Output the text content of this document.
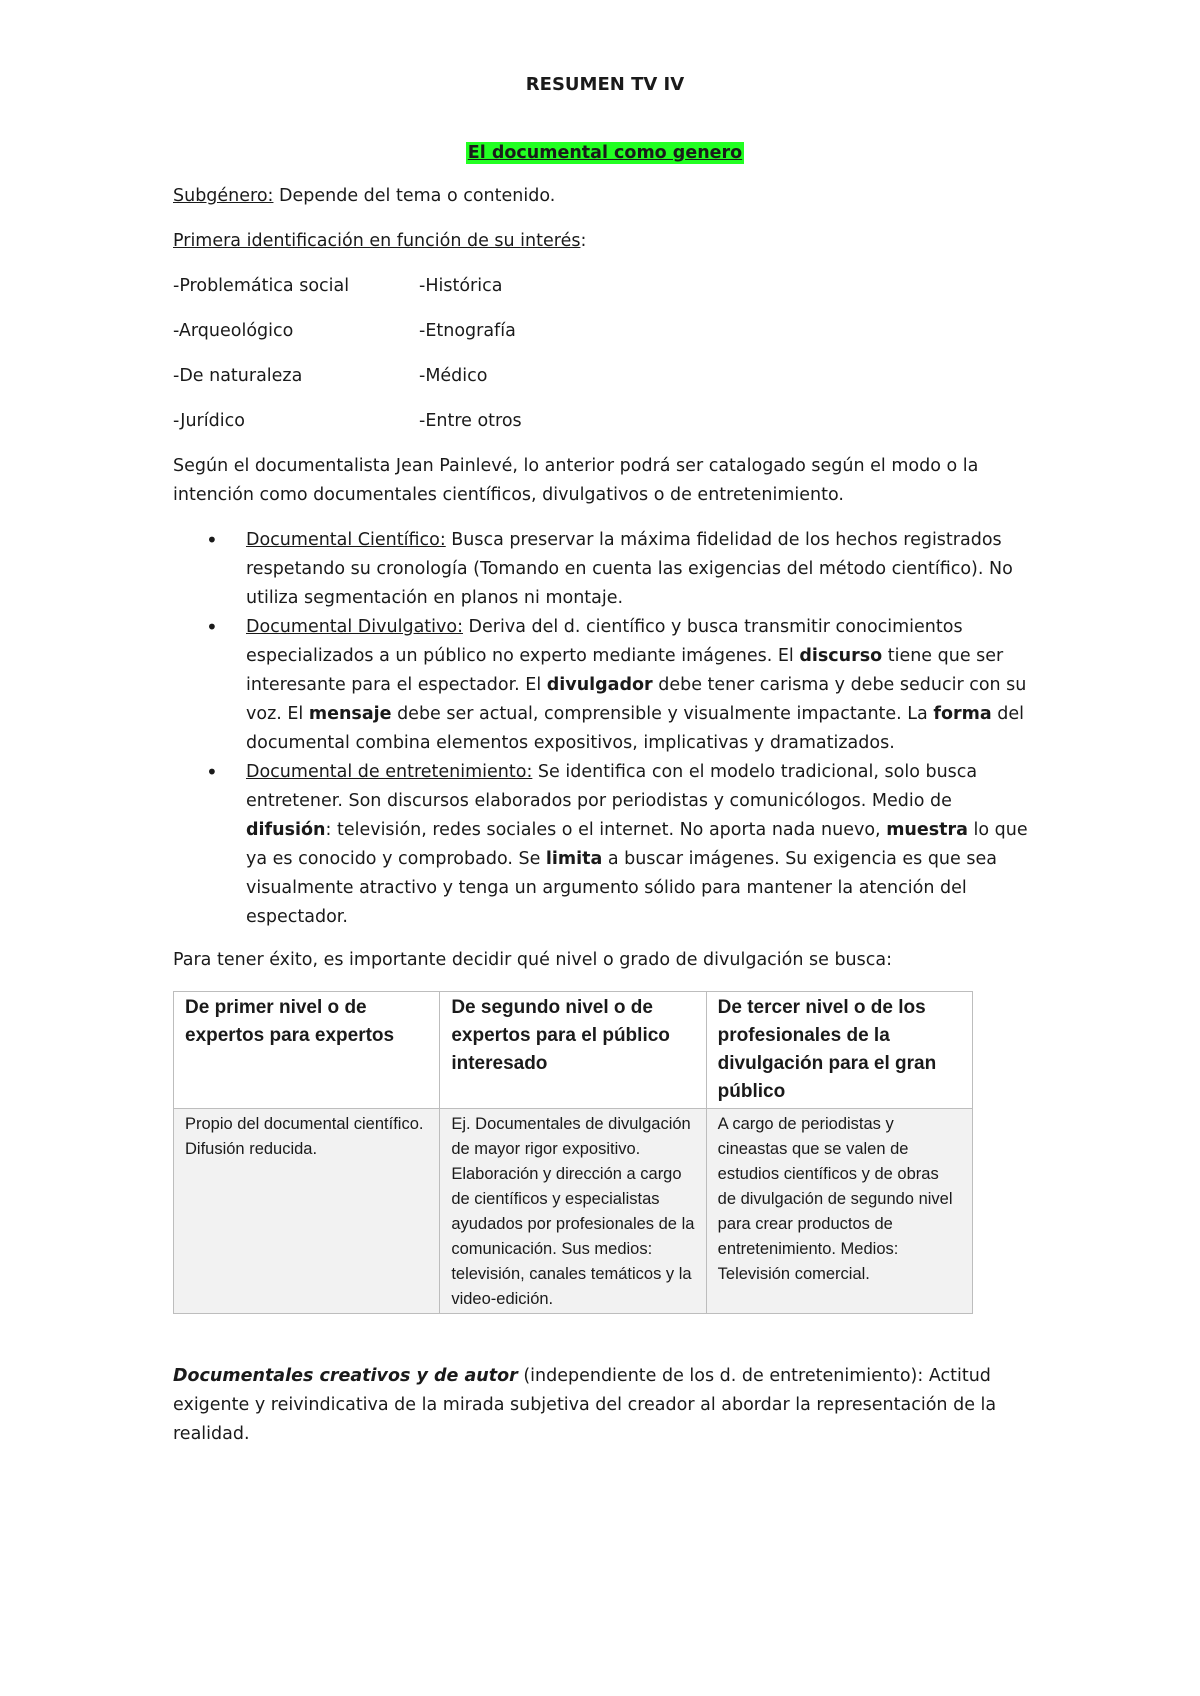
RESUMEN TV IV

El documental como genero

Subgénero: Depende del tema o contenido.

Primera identificación en función de su interés:

-Problemática social	-Histórica

-Arqueológico	-Etnografía

-De naturaleza	-Médico

-Jurídico	-Entre otros

Según el documentalista Jean Painlevé, lo anterior podrá ser catalogado según el modo o la intención como documentales científicos, divulgativos o de entretenimiento.

• Documental Científico: Busca preservar la máxima fidelidad de los hechos registrados respetando su cronología (Tomando en cuenta las exigencias del método científico). No utiliza segmentación en planos ni montaje.
• Documental Divulgativo: Deriva del d. científico y busca transmitir conocimientos especializados a un público no experto mediante imágenes. El discurso tiene que ser interesante para el espectador. El divulgador debe tener carisma y debe seducir con su voz. El mensaje debe ser actual, comprensible y visualmente impactante. La forma del documental combina elementos expositivos, implicativas y dramatizados.
• Documental de entretenimiento: Se identifica con el modelo tradicional, solo busca entretener. Son discursos elaborados por periodistas y comunicólogos. Medio de difusión: televisión, redes sociales o el internet. No aporta nada nuevo, muestra lo que ya es conocido y comprobado. Se limita a buscar imágenes. Su exigencia es que sea visualmente atractivo y tenga un argumento sólido para mantener la atención del espectador.

Para tener éxito, es importante decidir qué nivel o grado de divulgación se busca:

De primer nivel o de expertos para expertos	De segundo nivel o de expertos para el público interesado	De tercer nivel o de los profesionales de la divulgación para el gran público
Propio del documental científico. Difusión reducida.	Ej. Documentales de divulgación de mayor rigor expositivo. Elaboración y dirección a cargo de científicos y especialistas ayudados por profesionales de la comunicación. Sus medios: televisión, canales temáticos y la video-edición.	A cargo de periodistas y cineastas que se valen de estudios científicos y de obras de divulgación de segundo nivel para crear productos de entretenimiento. Medios: Televisión comercial.

Documentales creativos y de autor (independiente de los d. de entretenimiento): Actitud exigente y reivindicativa de la mirada subjetiva del creador al abordar la representación de la realidad.
